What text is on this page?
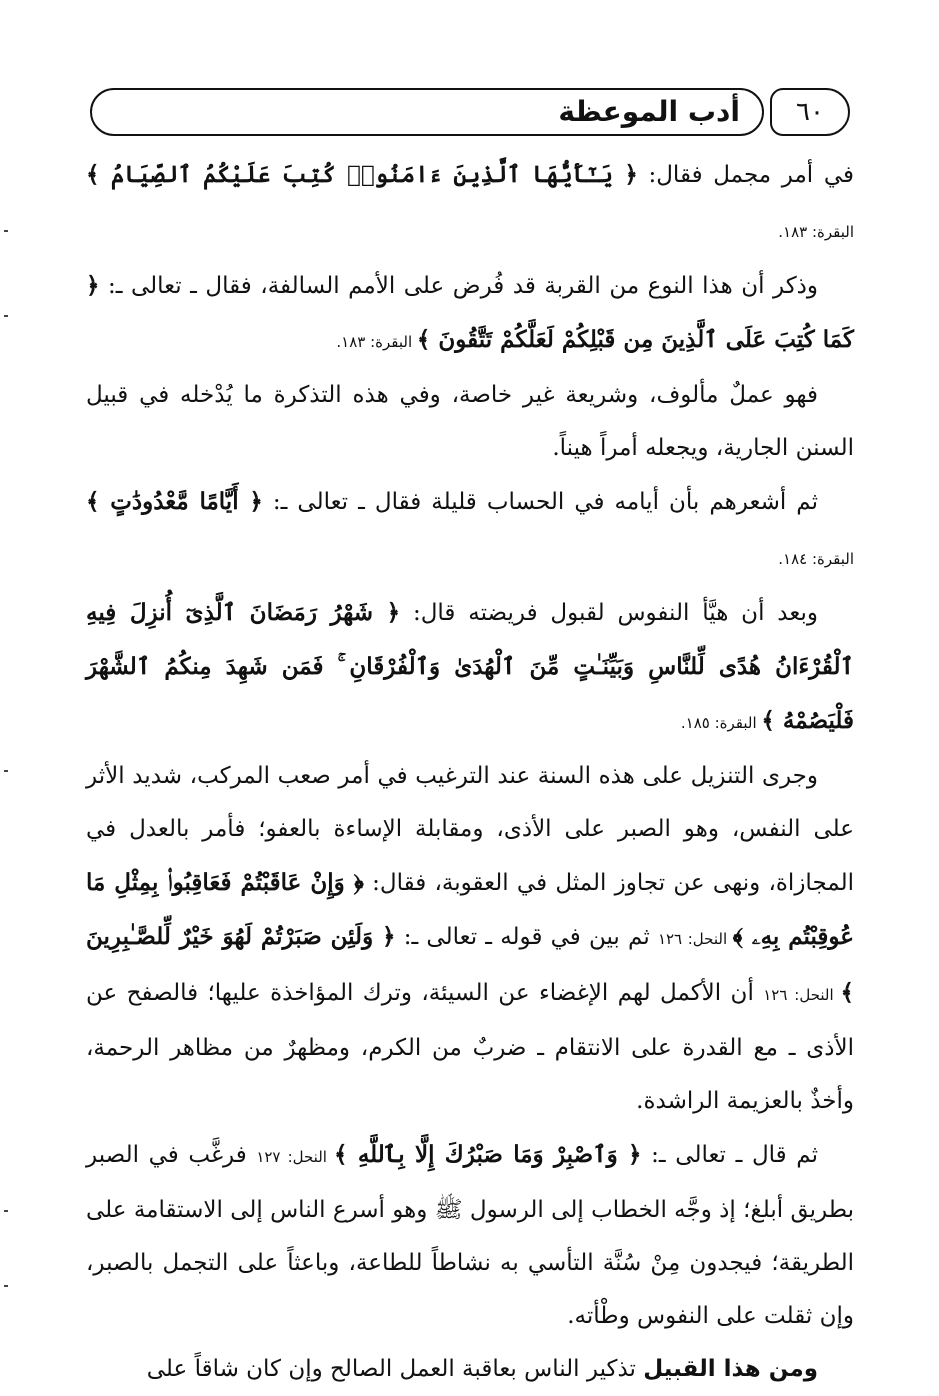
٦٠
أدب الموعظة

في أمر مجمل فقال: ﴿ يَـٰٓأَيُّهَا ٱلَّذِينَ ءَامَنُوا۟ كُتِبَ عَلَيْكُمُ ٱلصِّيَامُ ﴾ البقرة: ١٨٣.

وذكر أن هذا النوع من القربة قد فُرض على الأمم السالفة، فقال ـ تعالى ـ: ﴿ كَمَا كُتِبَ عَلَى ٱلَّذِينَ مِن قَبْلِكُمْ لَعَلَّكُمْ تَتَّقُونَ ﴾ البقرة: ١٨٣.

فهو عملٌ مألوف، وشريعة غير خاصة، وفي هذه التذكرة ما يُدْخله في قبيل السنن الجارية، ويجعله أمراً هيناً.

ثم أشعرهم بأن أيامه في الحساب قليلة فقال ـ تعالى ـ: ﴿ أَيَّامًا مَّعْدُودَٰتٍ ﴾ البقرة: ١٨٤.

وبعد أن هيَّأ النفوس لقبول فريضته قال: ﴿ شَهْرُ رَمَضَانَ ٱلَّذِىٓ أُنزِلَ فِيهِ ٱلْقُرْءَانُ هُدًى لِّلنَّاسِ وَبَيِّنَـٰتٍ مِّنَ ٱلْهُدَىٰ وَٱلْفُرْقَانِ ۚ فَمَن شَهِدَ مِنكُمُ ٱلشَّهْرَ فَلْيَصُمْهُ ﴾ البقرة: ١٨٥.

وجرى التنزيل على هذه السنة عند الترغيب في أمر صعب المركب، شديد الأثر على النفس، وهو الصبر على الأذى، ومقابلة الإساءة بالعفو؛ فأمر بالعدل في المجازاة، ونهى عن تجاوز المثل في العقوبة، فقال: ﴿ وَإِنْ عَاقَبْتُمْ فَعَاقِبُوا۟ بِمِثْلِ مَا عُوقِبْتُم بِهِۦ ﴾ النحل: ١٢٦ ثم بين في قوله ـ تعالى ـ: ﴿ وَلَئِن صَبَرْتُمْ لَهُوَ خَيْرٌ لِّلصَّـٰبِرِينَ ﴾ النحل: ١٢٦ أن الأكمل لهم الإغضاء عن السيئة، وترك المؤاخذة عليها؛ فالصفح عن الأذى ـ مع القدرة على الانتقام ـ ضربٌ من الكرم، ومظهرٌ من مظاهر الرحمة، وأخذٌ بالعزيمة الراشدة.

ثم قال ـ تعالى ـ: ﴿ وَٱصْبِرْ وَمَا صَبْرُكَ إِلَّا بِٱللَّهِ ﴾ النحل: ١٢٧ فرغَّب في الصبر بطريق أبلغ؛ إذ وجَّه الخطاب إلى الرسول ﷺ وهو أسرع الناس إلى الاستقامة على الطريقة؛ فيجدون مِنْ سُنَّة التأسي به نشاطاً للطاعة، وباعثاً على التجمل بالصبر، وإن ثقلت على النفوس وطْأته.

ومن هذا القبيل تذكير الناس بعاقبة العمل الصالح وإن كان شاقاً على
